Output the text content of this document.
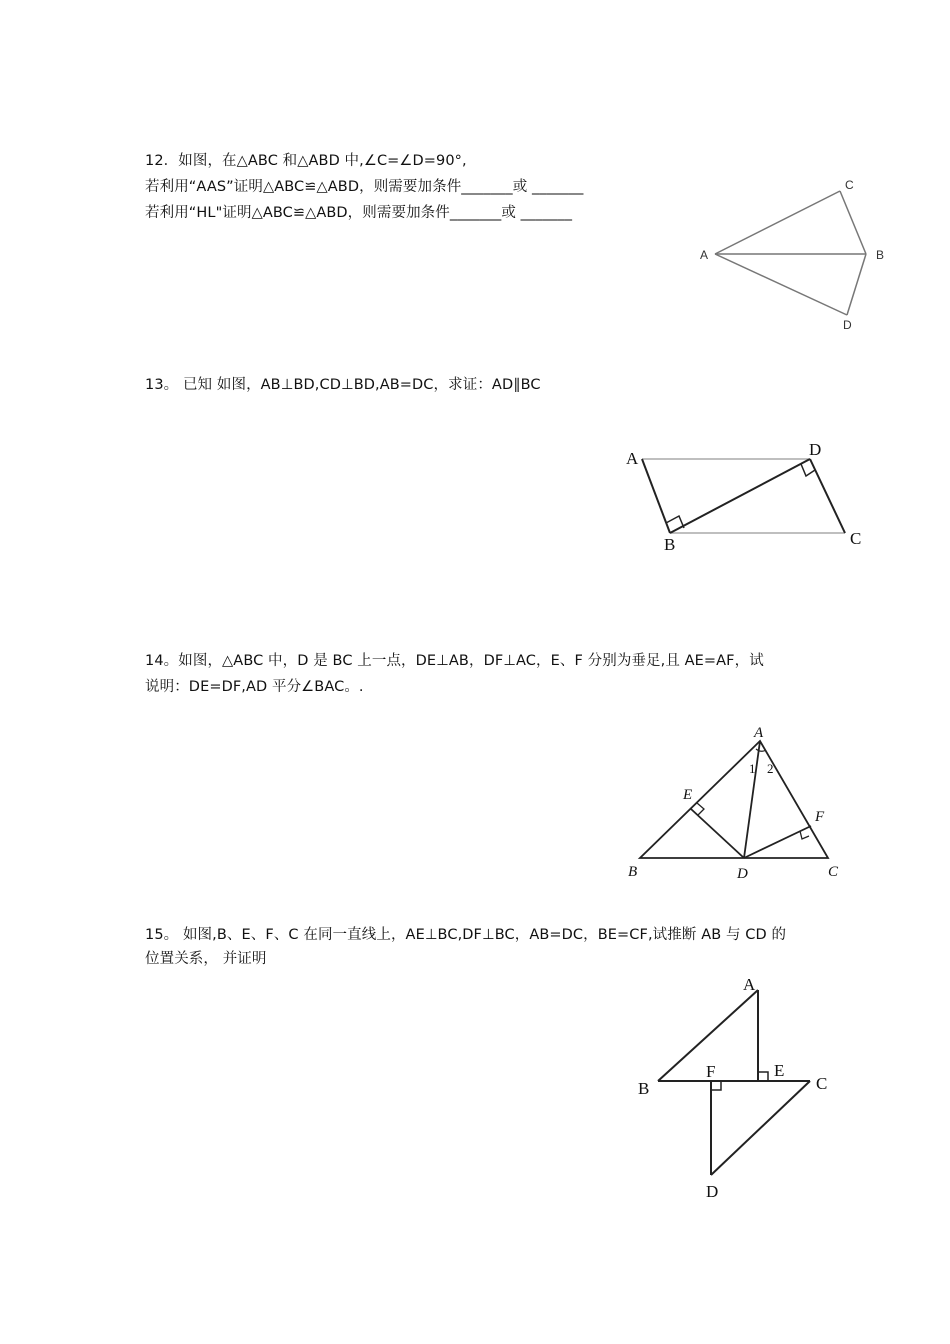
12．如图，在△ABC 和△ABD 中,∠C=∠D=90°,
若利用“AAS”证明△ABC≌△ABD，则需要加条件_______或 _______
若利用“HL"证明△ABC≌△ABD，则需要加条件_______或 _______
A	B
C
D
13。 已知 如图，AB⊥BD,CD⊥BD,AB=DC，求证：AD∥BC
A
B	C
D
14。如图，△ABC 中，D 是 BC 上一点，DE⊥AB，DF⊥AC，E、F 分别为垂足,且 AE=AF，试
说明：DE=DF,AD 平分∠BAC。.
A
B	C
D
E
F
1 2
15。 如图,B、E、F、C 在同一直线上，AE⊥BC,DF⊥BC，AB=DC，BE=CF,试推断 AB 与 CD 的
位置关系， 并证明
A
B	C
D
E
F
